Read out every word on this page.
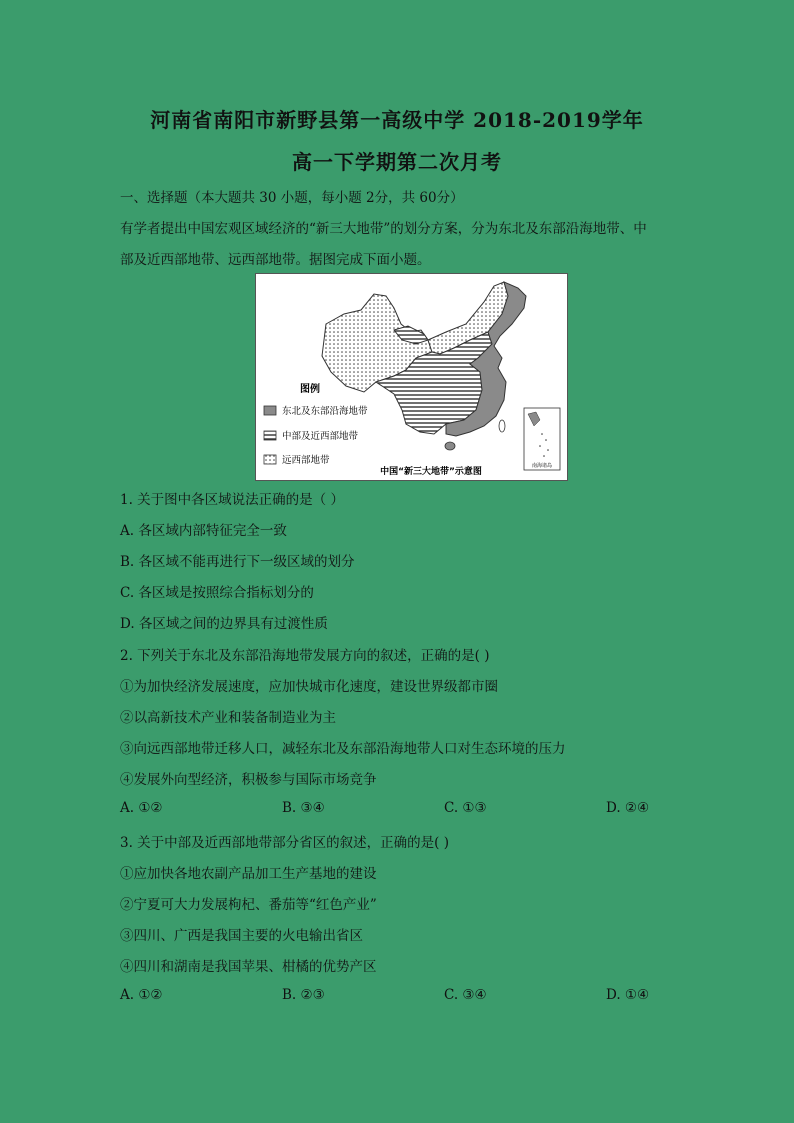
河南省南阳市新野县第一高级中学 2018-2019学年
高一下学期第二次月考
一、选择题（本大题共 30 小题，每小题 2分，共 60分）
有学者提出中国宏观区域经济的“新三大地带”的划分方案，分为东北及东部沿海地带、中
部及近西部地带、远西部地带。据图完成下面小题。
南海诸岛
图例
东北及东部沿海地带
中部及近西部地带
远西部地带
中国“新三大地带”示意图
1. 关于图中各区域说法正确的是（ ）
A. 各区域内部特征完全一致
B. 各区域不能再进行下一级区域的划分
C. 各区域是按照综合指标划分的
D. 各区域之间的边界具有过渡性质
2. 下列关于东北及东部沿海地带发展方向的叙述，正确的是( )
①为加快经济发展速度，应加快城市化速度，建设世界级都市圈
②以高新技术产业和装备制造业为主
③向远西部地带迁移人口，减轻东北及东部沿海地带人口对生态环境的压力
④发展外向型经济，积极参与国际市场竞争
A. ①②	B. ③④	C. ①③	D. ②④
3. 关于中部及近西部地带部分省区的叙述，正确的是( )
①应加快各地农副产品加工生产基地的建设
②宁夏可大力发展枸杞、番茄等“红色产业”
③四川、广西是我国主要的火电输出省区
④四川和湖南是我国苹果、柑橘的优势产区
A. ①②	B. ②③	C. ③④	D. ①④
